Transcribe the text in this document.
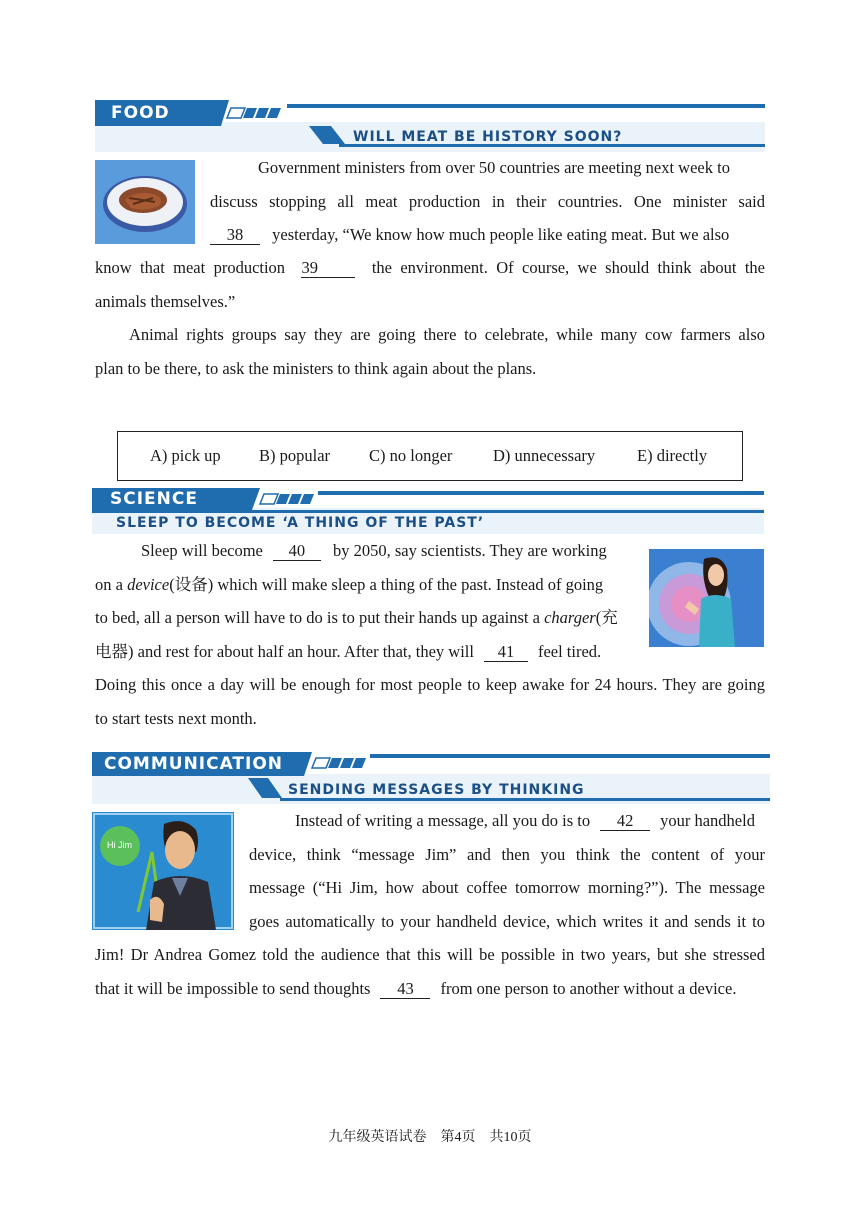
FOOD
WILL MEAT BE HISTORY SOON?
Government ministers from over 50 countries are meeting next week to
discuss stopping all meat production in their countries. One minister said
38 yesterday, “We know how much people like eating meat. But we also
know that meat production 39	the environment. Of course, we should think about the
animals themselves.”
Animal rights groups say they are going there to celebrate, while many cow farmers also
plan to be there, to ask the ministers to think again about the plans.
A) pick up B) popular C) no longer D) unnecessary	E) directly
SCIENCE
SLEEP TO BECOME ‘A THING OF THE PAST’
Sleep will become 40 by 2050, say scientists. They are working
on a device(设备) which will make sleep a thing of the past. Instead of going
to bed, all a person will have to do is to put their hands up against a charger(充
电器) and rest for about half an hour. After that, they will 41 feel tired.
Doing this once a day will be enough for most people to keep awake for 24 hours. They are going
to start tests next month.
COMMUNICATION
SENDING MESSAGES BY THINKING
Hi Jim
Instead of writing a message, all you do is to 42 your handheld
device, think “message Jim” and then you think the content of your
message (“Hi Jim, how about coffee tomorrow morning?”). The message
goes automatically to your handheld device, which writes it and sends it to
Jim! Dr Andrea Gomez told the audience that this will be possible in two years, but she stressed
that it will be impossible to send thoughts 43 from one person to another without a device.
九年级英语试卷　第4页　共10页
